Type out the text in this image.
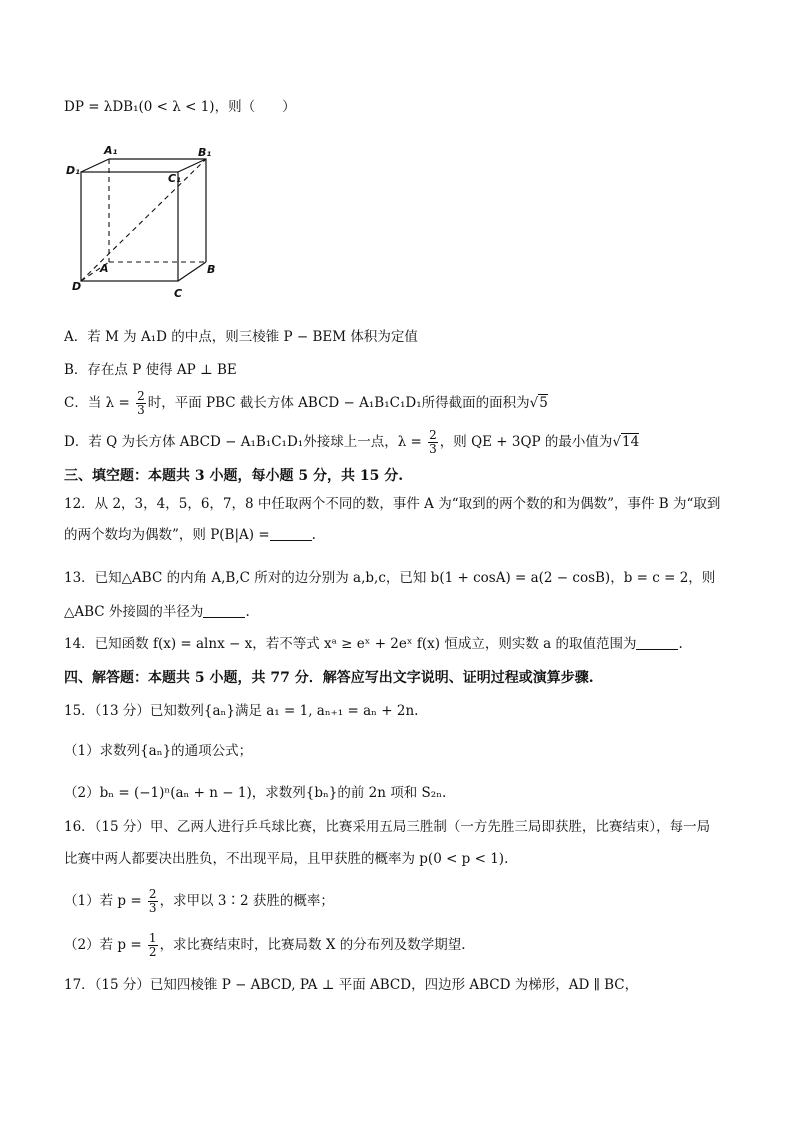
DP = λDB₁(0 < λ < 1)，则（　　）
A₁	B₁
D₁
C₁
A	B
D
C
A．若 M 为 A₁D 的中点，则三棱锥 P − BEM 体积为定值
B．存在点 P 使得 AP ⊥ BE
C．当 $\lambda = \frac{2}{3}$ 时，平面 PBC 截长方体 ABCD − A₁B₁C₁D₁所得截面的面积为√5
D．若 Q 为长方体 ABCD − A₁B₁C₁D₁外接球上一点，$\lambda = \frac{2}{3}$ ，则 QE + 3QP 的最小值为√14
三、填空题：本题共 3 小题，每小题 5 分，共 15 分.
12．从 2，3，4，5，6，7，8 中任取两个不同的数，事件 A 为“取到的两个数的和为偶数”，事件 B 为“取到
的两个数均为偶数”，则 P(B|A) =	.
13．已知△ABC 的内角 A,B,C 所对的边分别为 a,b,c，已知 b(1 + cosA) = a(2 − cosB)，b = c = 2，则
△ABC 外接圆的半径为	.
14．已知函数 f(x) = alnx − x，若不等式 xᵃ ≥ eˣ + 2eˣ f(x) 恒成立，则实数 a 的取值范围为	.
四、解答题：本题共 5 小题，共 77 分．解答应写出文字说明、证明过程或演算步骤.
15．（13 分）已知数列{aₙ}满足 a₁ = 1, aₙ₊₁ = aₙ + 2n.
（1）求数列{aₙ}的通项公式；
（2）bₙ = (−1)ⁿ(aₙ + n − 1)，求数列{bₙ}的前 2n 项和 S₂ₙ.
16．（15 分）甲、乙两人进行乒乓球比赛，比赛采用五局三胜制（一方先胜三局即获胜，比赛结束），每一局
比赛中两人都要决出胜负，不出现平局，且甲获胜的概率为 p(0 < p < 1).
（1）若 $p = \frac{2}{3}$ ，求甲以 3∶2 获胜的概率；
（2）若 $p = \frac{1}{2}$ ，求比赛结束时，比赛局数 X 的分布列及数学期望.
17．（15 分）已知四棱锥 P − ABCD, PA ⊥ 平面 ABCD，四边形 ABCD 为梯形，AD ∥ BC，
